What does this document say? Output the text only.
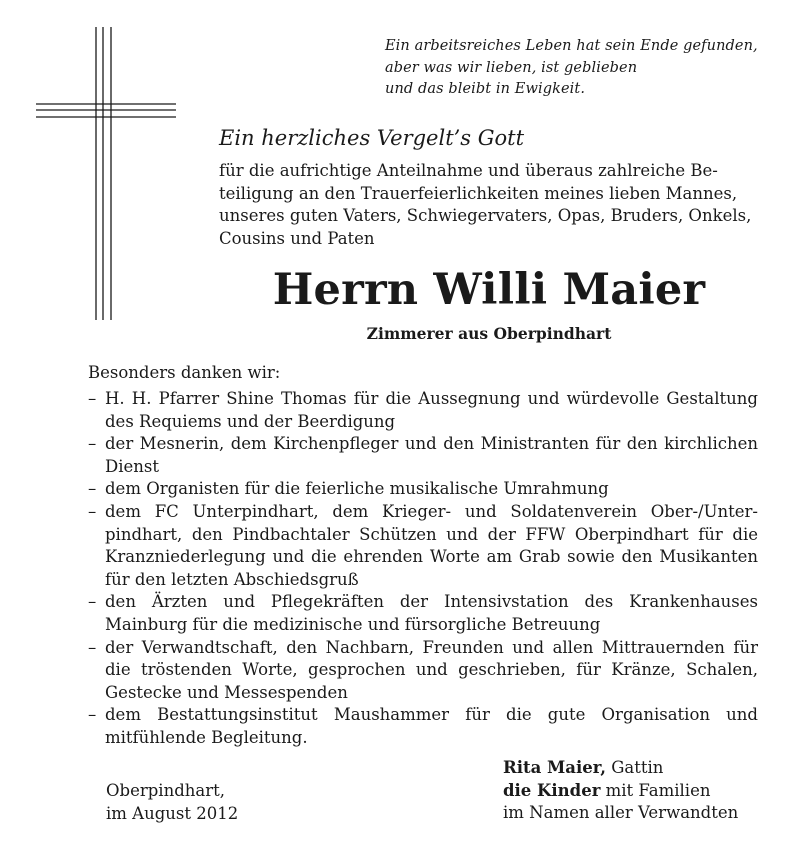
Ein arbeitsreiches Leben hat sein Ende gefunden,
aber was wir lieben, ist geblieben
und das bleibt in Ewigkeit.
Ein herzliches Vergelt’s Gott
für die aufrichtige Anteilnahme und überaus zahlreiche Be-
teiligung an den Trauerfeierlichkeiten meines lieben Mannes,
unseres guten Vaters, Schwiegervaters, Opas, Bruders, Onkels,
Cousins und Paten
Herrn Willi Maier
Zimmerer aus Oberpindhart
Besonders danken wir:
– H. H. Pfarrer Shine Thomas für die Aussegnung und würdevolle Gestaltung
des Requiems und der Beerdigung
– der Mesnerin, dem Kirchenpfleger und den Ministranten für den kirchlichen
Dienst
– dem Organisten für die feierliche musikalische Umrahmung
– dem FC Unterpindhart, dem Krieger- und Soldatenverein Ober-/Unter-
pindhart, den Pindbachtaler Schützen und der FFW Oberpindhart für die
Kranzniederlegung und die ehrenden Worte am Grab sowie den Musikanten
für den letzten Abschiedsgruß
– den Ärzten und Pflegekräften der Intensivstation des Krankenhauses
Mainburg für die medizinische und fürsorgliche Betreuung
– der Verwandtschaft, den Nachbarn, Freunden und allen Mittrauernden für
die tröstenden Worte, gesprochen und geschrieben, für Kränze, Schalen,
Gestecke und Messespenden
– dem Bestattungsinstitut Maushammer für die gute Organisation und
mitfühlende Begleitung.
Oberpindhart,
im August 2012
Rita Maier, Gattin
die Kinder mit Familien
im Namen aller Verwandten
